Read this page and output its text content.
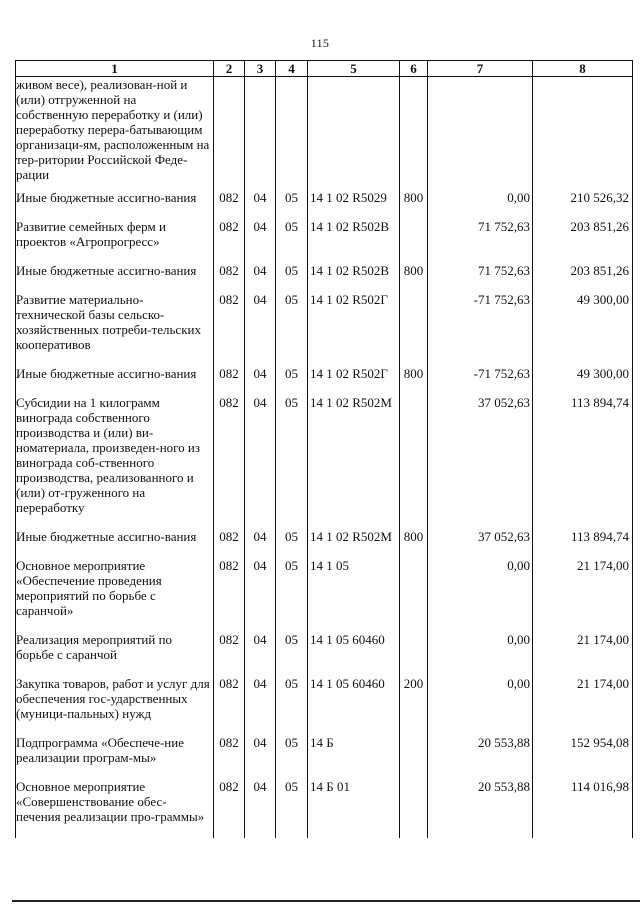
115
1	2	3	4	5	6	7	8
живом весе), реализован-ной и (или) отгруженной на собственную переработку и (или) переработку перера-батывающим организаци-ям, расположенным на тер-ритории Российской Феде-рации							
Иные бюджетные ассигно-вания	082	04	05	14 1 02 R5029	800	0,00	210 526,32
Развитие семейных ферм и проектов «Агропрогресс»	082	04	05	14 1 02 R502В		71 752,63	203 851,26
Иные бюджетные ассигно-вания	082	04	05	14 1 02 R502В	800	71 752,63	203 851,26
Развитие материально-технической базы сельско-хозяйственных потреби-тельских кооперативов	082	04	05	14 1 02 R502Г		-71 752,63	49 300,00
Иные бюджетные ассигно-вания	082	04	05	14 1 02 R502Г	800	-71 752,63	49 300,00
Субсидии на 1 килограмм винограда собственного производства и (или) ви-номатериала, произведен-ного из винограда соб-ственного производства, реализованного и (или) от-груженного на переработку	082	04	05	14 1 02 R502М		37 052,63	113 894,74
Иные бюджетные ассигно-вания	082	04	05	14 1 02 R502М	800	37 052,63	113 894,74
Основное мероприятие «Обеспечение проведения мероприятий по борьбе с саранчой»	082	04	05	14 1 05		0,00	21 174,00
Реализация мероприятий по борьбе с саранчой	082	04	05	14 1 05 60460		0,00	21 174,00
Закупка товаров, работ и услуг для обеспечения гос-ударственных (муници-пальных) нужд	082	04	05	14 1 05 60460	200	0,00	21 174,00
Подпрограмма «Обеспече-ние реализации програм-мы»	082	04	05	14 Б		20 553,88	152 954,08
Основное мероприятие «Совершенствование обес-печения реализации про-граммы»	082	04	05	14 Б 01		20 553,88	114 016,98
